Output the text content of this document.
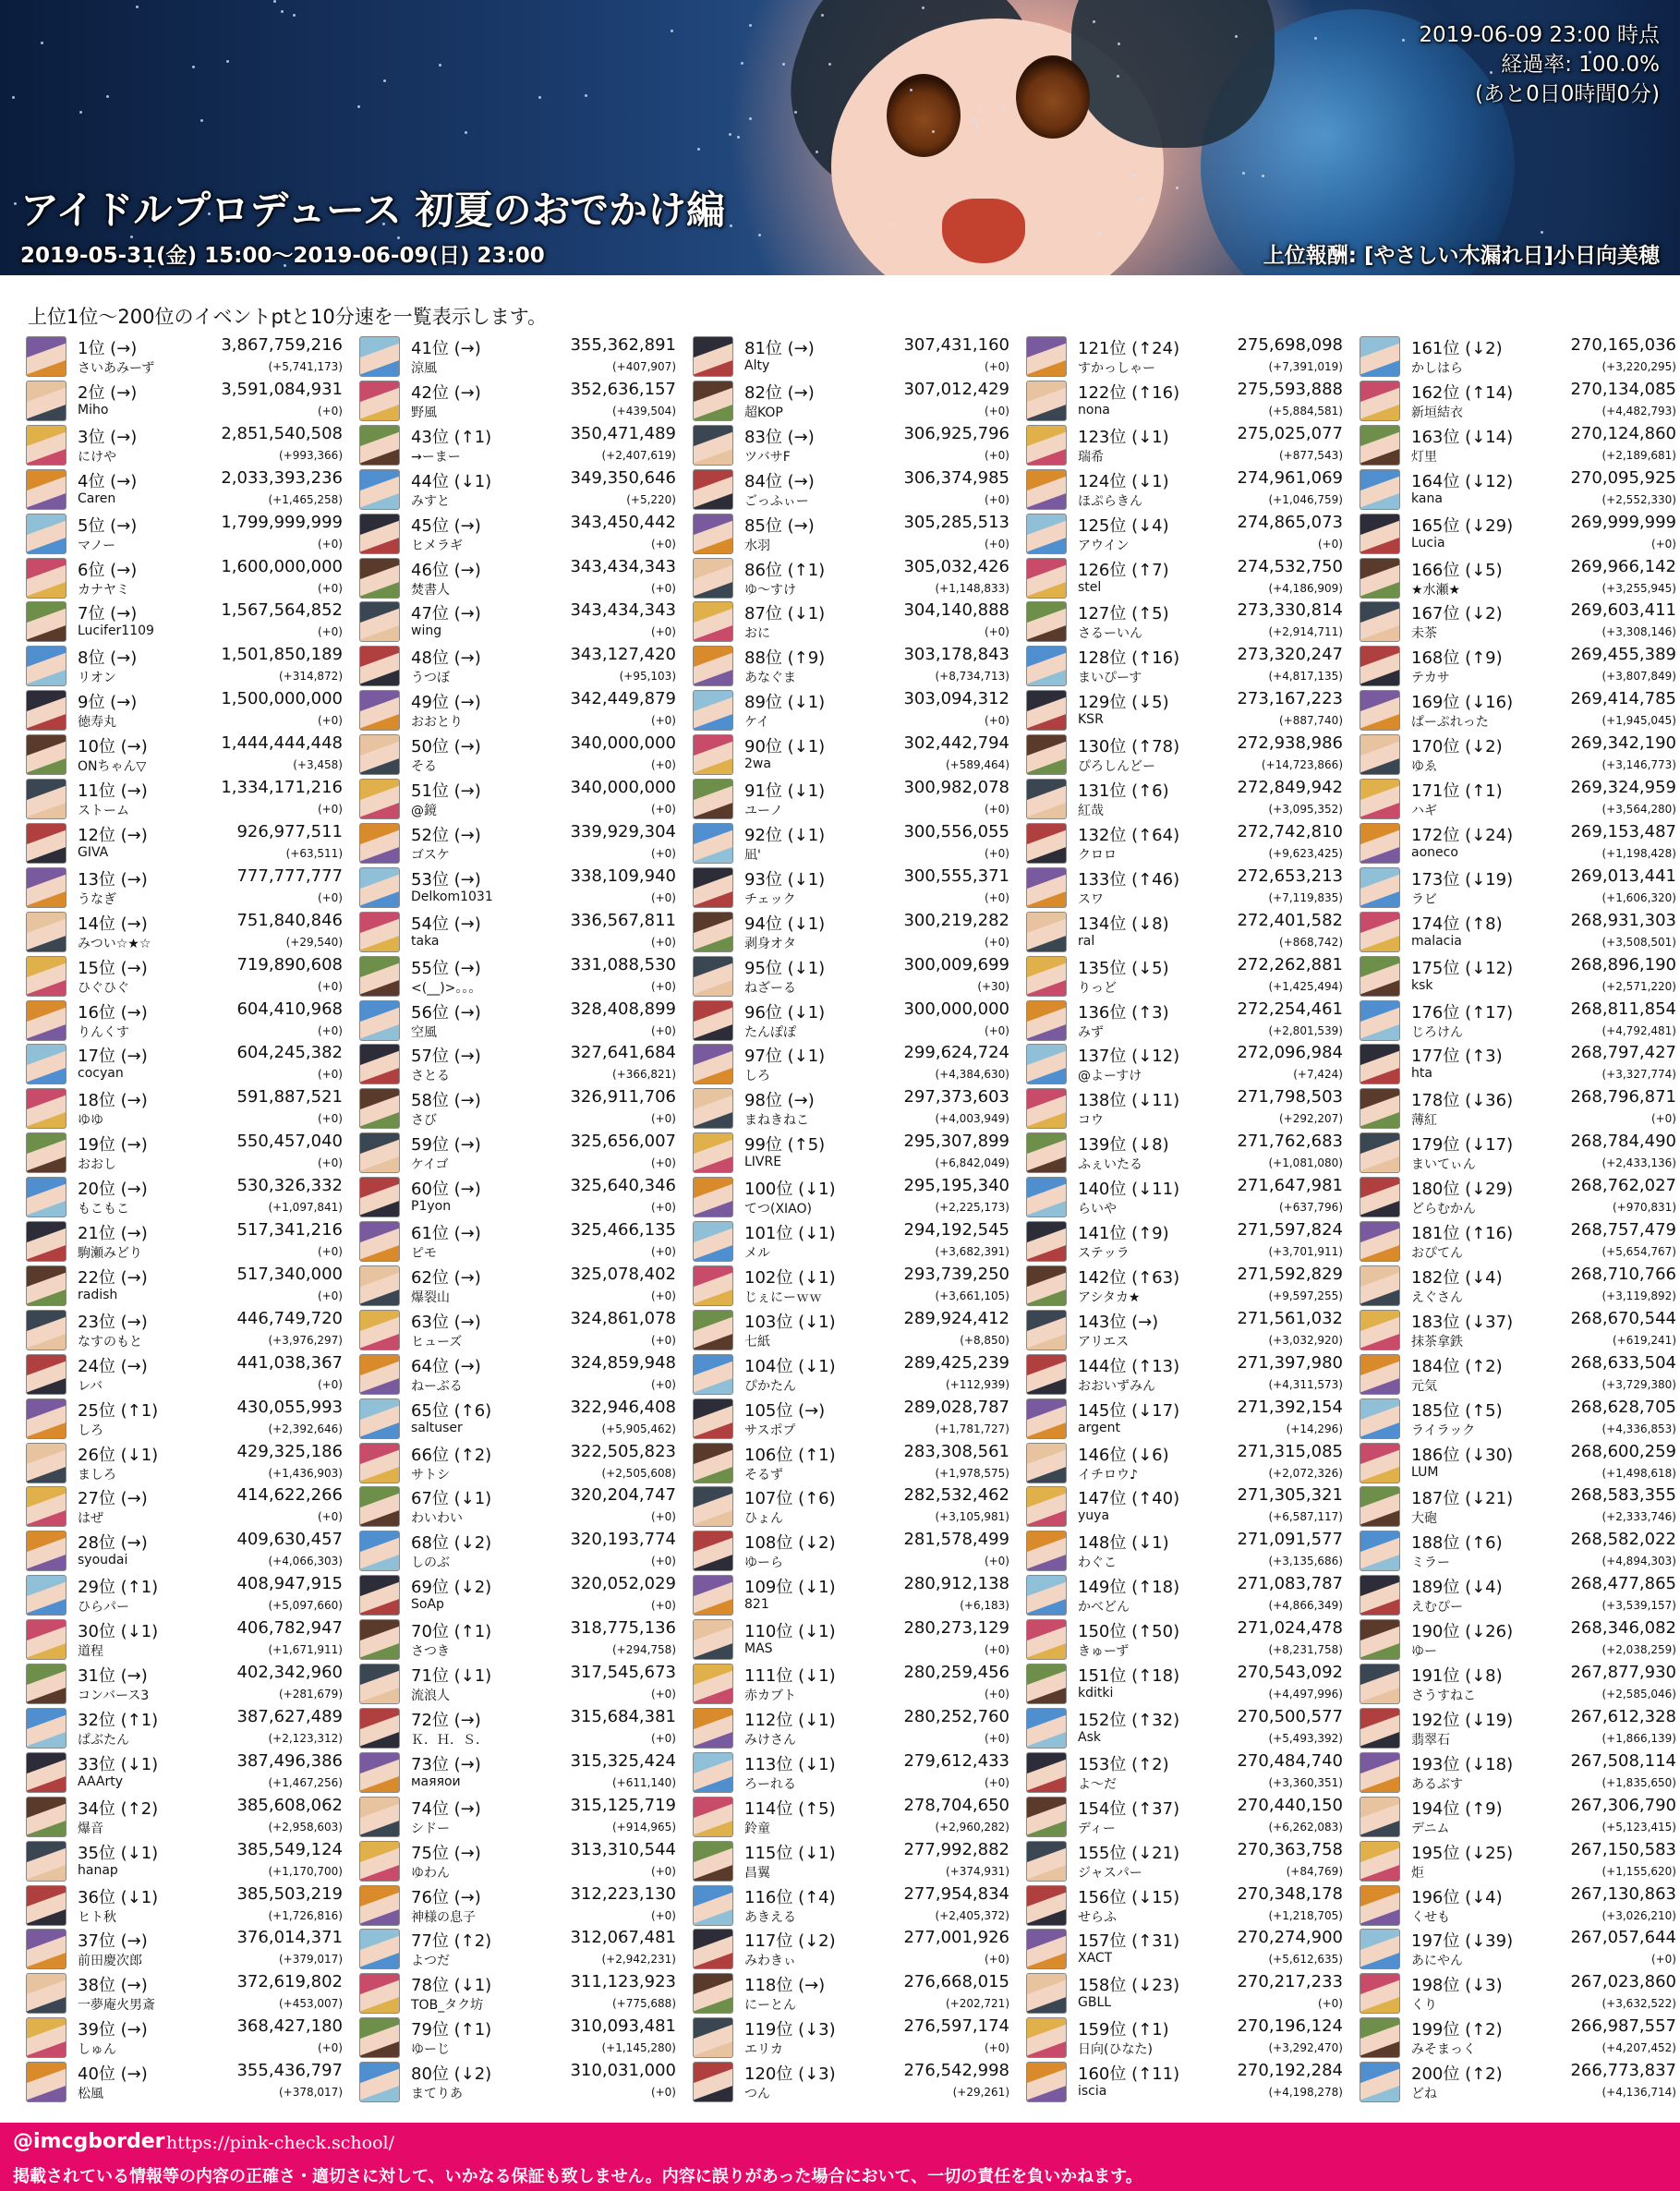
2019-06-09 23:00 時点
経過率: 100.0%
(あと0日0時間0分)
アイドルプロデュース 初夏のおでかけ編
2019-05-31(金) 15:00～2019-06-09(日) 23:00	上位報酬: [やさしい木漏れ日]小日向美穂
上位1位～200位のイベントptと10分速を一覧表示します。
1位 (→)
さいあみーず
3,867,759,216
(+5,741,173)
2位 (→)
Miho
3,591,084,931
(+0)
3位 (→)
にけや
2,851,540,508
(+993,366)
4位 (→)
Caren
2,033,393,236
(+1,465,258)
5位 (→)
マノー
1,799,999,999
(+0)
6位 (→)
カナヤミ
1,600,000,000
(+0)
7位 (→)
Lucifer1109
1,567,564,852
(+0)
8位 (→)
リオン
1,501,850,189
(+314,872)
9位 (→)
徳寿丸
1,500,000,000
(+0)
10位 (→)
ONちゃん▽
1,444,444,448
(+3,458)
11位 (→)
ストーム
1,334,171,216
(+0)
12位 (→)
GIVA
926,977,511
(+63,511)
13位 (→)
うなぎ
777,777,777
(+0)
14位 (→)
みつい☆★☆
751,840,846
(+29,540)
15位 (→)
ひぐひぐ
719,890,608
(+0)
16位 (→)
りんくす
604,410,968
(+0)
17位 (→)
cocyan
604,245,382
(+0)
18位 (→)
ゆゆ
591,887,521
(+0)
19位 (→)
おおし
550,457,040
(+0)
20位 (→)
もこもこ
530,326,332
(+1,097,841)
21位 (→)
駒瀬みどり
517,341,216
(+0)
22位 (→)
radish
517,340,000
(+0)
23位 (→)
なすのもと
446,749,720
(+3,976,297)
24位 (→)
レバ
441,038,367
(+0)
25位 (↑1)
しろ
430,055,993
(+2,392,646)
26位 (↓1)
ましろ
429,325,186
(+1,436,903)
27位 (→)
はぜ
414,622,266
(+0)
28位 (→)
syoudai
409,630,457
(+4,066,303)
29位 (↑1)
ひらパー
408,947,915
(+5,097,660)
30位 (↓1)
道程
406,782,947
(+1,671,911)
31位 (→)
コンバース3
402,342,960
(+281,679)
32位 (↑1)
ぱぶたん
387,627,489
(+2,123,312)
33位 (↓1)
AAArty
387,496,386
(+1,467,256)
34位 (↑2)
爆音
385,608,062
(+2,958,603)
35位 (↓1)
hanap
385,549,124
(+1,170,700)
36位 (↓1)
ヒト秋
385,503,219
(+1,726,816)
37位 (→)
前田慶次郎
376,014,371
(+379,017)
38位 (→)
一夢庵火男斎
372,619,802
(+453,007)
39位 (→)
しゅん
368,427,180
(+0)
40位 (→)
松風
355,436,797
(+378,017)
41位 (→)
涼風
355,362,891
(+407,907)
42位 (→)
野風
352,636,157
(+439,504)
43位 (↑1)
→ーまー
350,471,489
(+2,407,619)
44位 (↓1)
みすと
349,350,646
(+5,220)
45位 (→)
ヒメラギ
343,450,442
(+0)
46位 (→)
焚書人
343,434,343
(+0)
47位 (→)
wing
343,434,343
(+0)
48位 (→)
うつぼ
343,127,420
(+95,103)
49位 (→)
おおとり
342,449,879
(+0)
50位 (→)
そる
340,000,000
(+0)
51位 (→)
@鏡
340,000,000
(+0)
52位 (→)
ゴスケ
339,929,304
(+0)
53位 (→)
Delkom1031
338,109,940
(+0)
54位 (→)
taka
336,567,811
(+0)
55位 (→)
<(__)>。。。
331,088,530
(+0)
56位 (→)
空風
328,408,899
(+0)
57位 (→)
さとる
327,641,684
(+366,821)
58位 (→)
さび
326,911,706
(+0)
59位 (→)
ケイゴ
325,656,007
(+0)
60位 (→)
P1yon
325,640,346
(+0)
61位 (→)
ピモ
325,466,135
(+0)
62位 (→)
爆裂山
325,078,402
(+0)
63位 (→)
ヒューズ
324,861,078
(+0)
64位 (→)
ねーぶる
324,859,948
(+0)
65位 (↑6)
saltuser
322,946,408
(+5,905,462)
66位 (↑2)
サトシ
322,505,823
(+2,505,608)
67位 (↓1)
わいわい
320,204,747
(+0)
68位 (↓2)
しのぶ
320,193,774
(+0)
69位 (↓2)
SoAp
320,052,029
(+0)
70位 (↑1)
さつき
318,775,136
(+294,758)
71位 (↓1)
流浪人
317,545,673
(+0)
72位 (→)
Ｋ．Ｈ．Ｓ．
315,684,381
(+0)
73位 (→)
маяяои
315,325,424
(+611,140)
74位 (→)
シドー
315,125,719
(+914,965)
75位 (→)
ゆわん
313,310,544
(+0)
76位 (→)
神様の息子
312,223,130
(+0)
77位 (↑2)
よつだ
312,067,481
(+2,942,231)
78位 (↓1)
TOB_タク坊
311,123,923
(+775,688)
79位 (↑1)
ゆーじ
310,093,481
(+1,145,280)
80位 (↓2)
まてりあ
310,031,000
(+0)
81位 (→)
Alty
307,431,160
(+0)
82位 (→)
超KOP
307,012,429
(+0)
83位 (→)
ツバサF
306,925,796
(+0)
84位 (→)
ごっふぃー
306,374,985
(+0)
85位 (→)
水羽
305,285,513
(+0)
86位 (↑1)
ゆ～すけ
305,032,426
(+1,148,833)
87位 (↓1)
おに
304,140,888
(+0)
88位 (↑9)
あなぐま
303,178,843
(+8,734,713)
89位 (↓1)
ケイ
303,094,312
(+0)
90位 (↓1)
2wa
302,442,794
(+589,464)
91位 (↓1)
ユーノ
300,982,078
(+0)
92位 (↓1)
凪'
300,556,055
(+0)
93位 (↓1)
チェック
300,555,371
(+0)
94位 (↓1)
剥身オタ
300,219,282
(+0)
95位 (↓1)
ねざーる
300,009,699
(+30)
96位 (↓1)
たんぽぽ
300,000,000
(+0)
97位 (↓1)
しろ
299,624,724
(+4,384,630)
98位 (→)
まねきねこ
297,373,603
(+4,003,949)
99位 (↑5)
LIVRE
295,307,899
(+6,842,049)
100位 (↓1)
てつ(XIAO)
295,195,340
(+2,225,173)
101位 (↓1)
メル
294,192,545
(+3,682,391)
102位 (↓1)
じぇにーｗｗ
293,739,250
(+3,661,105)
103位 (↓1)
七紙
289,924,412
(+8,850)
104位 (↓1)
ぴかたん
289,425,239
(+112,939)
105位 (→)
サスポプ
289,028,787
(+1,781,727)
106位 (↑1)
そるず
283,308,561
(+1,978,575)
107位 (↑6)
ひょん
282,532,462
(+3,105,981)
108位 (↓2)
ゆーら
281,578,499
(+0)
109位 (↓1)
821
280,912,138
(+6,183)
110位 (↓1)
MAS
280,273,129
(+0)
111位 (↓1)
赤カブト
280,259,456
(+0)
112位 (↓1)
みけさん
280,252,760
(+0)
113位 (↓1)
ろーれる
279,612,433
(+0)
114位 (↑5)
鈴童
278,704,650
(+2,960,282)
115位 (↓1)
昌翼
277,992,882
(+374,931)
116位 (↑4)
あきえる
277,954,834
(+2,405,372)
117位 (↓2)
みわきぃ
277,001,926
(+0)
118位 (→)
にーとん
276,668,015
(+202,721)
119位 (↓3)
エリカ
276,597,174
(+0)
120位 (↓3)
つん
276,542,998
(+29,261)
121位 (↑24)
すかっしゃー
275,698,098
(+7,391,019)
122位 (↑16)
nona
275,593,888
(+5,884,581)
123位 (↓1)
瑞希
275,025,077
(+877,543)
124位 (↓1)
ほぷらきん
274,961,069
(+1,046,759)
125位 (↓4)
アウイン
274,865,073
(+0)
126位 (↑7)
stel
274,532,750
(+4,186,909)
127位 (↑5)
さるーいん
273,330,814
(+2,914,711)
128位 (↑16)
まいぴーす
273,320,247
(+4,817,135)
129位 (↓5)
KSR
273,167,223
(+887,740)
130位 (↑78)
ぴろしんどー
272,938,986
(+14,723,866)
131位 (↑6)
紅哉
272,849,942
(+3,095,352)
132位 (↑64)
クロロ
272,742,810
(+9,623,425)
133位 (↑46)
スワ
272,653,213
(+7,119,835)
134位 (↓8)
ral
272,401,582
(+868,742)
135位 (↓5)
りっど
272,262,881
(+1,425,494)
136位 (↑3)
みず
272,254,461
(+2,801,539)
137位 (↓12)
@よーすけ
272,096,984
(+7,424)
138位 (↓11)
コウ
271,798,503
(+292,207)
139位 (↓8)
ふぇいたる
271,762,683
(+1,081,080)
140位 (↓11)
らいや
271,647,981
(+637,796)
141位 (↑9)
ステッラ
271,597,824
(+3,701,911)
142位 (↑63)
アシタカ★
271,592,829
(+9,597,255)
143位 (→)
アリエス
271,561,032
(+3,032,920)
144位 (↑13)
おおいずみん
271,397,980
(+4,311,573)
145位 (↓17)
argent
271,392,154
(+14,296)
146位 (↓6)
イチロウ♪
271,315,085
(+2,072,326)
147位 (↑40)
yuya
271,305,321
(+6,587,117)
148位 (↓1)
わぐこ
271,091,577
(+3,135,686)
149位 (↑18)
かべどん
271,083,787
(+4,866,349)
150位 (↑50)
きゅーず
271,024,478
(+8,231,758)
151位 (↑18)
kditki
270,543,092
(+4,497,996)
152位 (↑32)
Ask
270,500,577
(+5,493,392)
153位 (↑2)
よ～だ
270,484,740
(+3,360,351)
154位 (↑37)
ディー
270,440,150
(+6,262,083)
155位 (↓21)
ジャスパー
270,363,758
(+84,769)
156位 (↓15)
せらふ
270,348,178
(+1,218,705)
157位 (↑31)
XACT
270,274,900
(+5,612,635)
158位 (↓23)
GBLL
270,217,233
(+0)
159位 (↑1)
日向(ひなた)
270,196,124
(+3,292,470)
160位 (↑11)
iscia
270,192,284
(+4,198,278)
161位 (↓2)
かしはら
270,165,036
(+3,220,295)
162位 (↑14)
新垣結衣
270,134,085
(+4,482,793)
163位 (↓14)
灯里
270,124,860
(+2,189,681)
164位 (↓12)
kana
270,095,925
(+2,552,330)
165位 (↓29)
Lucia
269,999,999
(+0)
166位 (↓5)
★水瀬★
269,966,142
(+3,255,945)
167位 (↓2)
未茶
269,603,411
(+3,308,146)
168位 (↑9)
テカサ
269,455,389
(+3,807,849)
169位 (↓16)
ぱーぷれった
269,414,785
(+1,945,045)
170位 (↓2)
ゆゑ
269,342,190
(+3,146,773)
171位 (↑1)
ハギ
269,324,959
(+3,564,280)
172位 (↓24)
aoneco
269,153,487
(+1,198,428)
173位 (↓19)
ラビ
269,013,441
(+1,606,320)
174位 (↑8)
malacia
268,931,303
(+3,508,501)
175位 (↓12)
ksk
268,896,190
(+2,571,220)
176位 (↑17)
じろけん
268,811,854
(+4,792,481)
177位 (↑3)
hta
268,797,427
(+3,327,774)
178位 (↓36)
薄紅
268,796,871
(+0)
179位 (↓17)
まいてぃん
268,784,490
(+2,433,136)
180位 (↓29)
どらむかん
268,762,027
(+970,831)
181位 (↑16)
おぴてん
268,757,479
(+5,654,767)
182位 (↓4)
えぐさん
268,710,766
(+3,119,892)
183位 (↓37)
抹茶拿鉄
268,670,544
(+619,241)
184位 (↑2)
元気
268,633,504
(+3,729,380)
185位 (↑5)
ライラック
268,628,705
(+4,336,853)
186位 (↓30)
LUM
268,600,259
(+1,498,618)
187位 (↓21)
大砲
268,583,355
(+2,333,746)
188位 (↑6)
ミラー
268,582,022
(+4,894,303)
189位 (↓4)
えむぴー
268,477,865
(+3,539,157)
190位 (↓26)
ゆー
268,346,082
(+2,038,259)
191位 (↓8)
さうすねこ
267,877,930
(+2,585,046)
192位 (↓19)
翡翠石
267,612,328
(+1,866,139)
193位 (↓18)
あるぶす
267,508,114
(+1,835,650)
194位 (↑9)
デニム
267,306,790
(+5,123,415)
195位 (↓25)
炬
267,150,583
(+1,155,620)
196位 (↓4)
くせも
267,130,863
(+3,026,210)
197位 (↓39)
あにやん
267,057,644
(+0)
198位 (↓3)
くり
267,023,860
(+3,632,522)
199位 (↑2)
みそまっく
266,987,557
(+4,207,452)
200位 (↑2)
どね
266,773,837
(+4,136,714)
@imcgborder https://pink-check.school/
掲載されている情報等の内容の正確さ・適切さに対して、いかなる保証も致しません。内容に誤りがあった場合において、一切の責任を負いかねます。
